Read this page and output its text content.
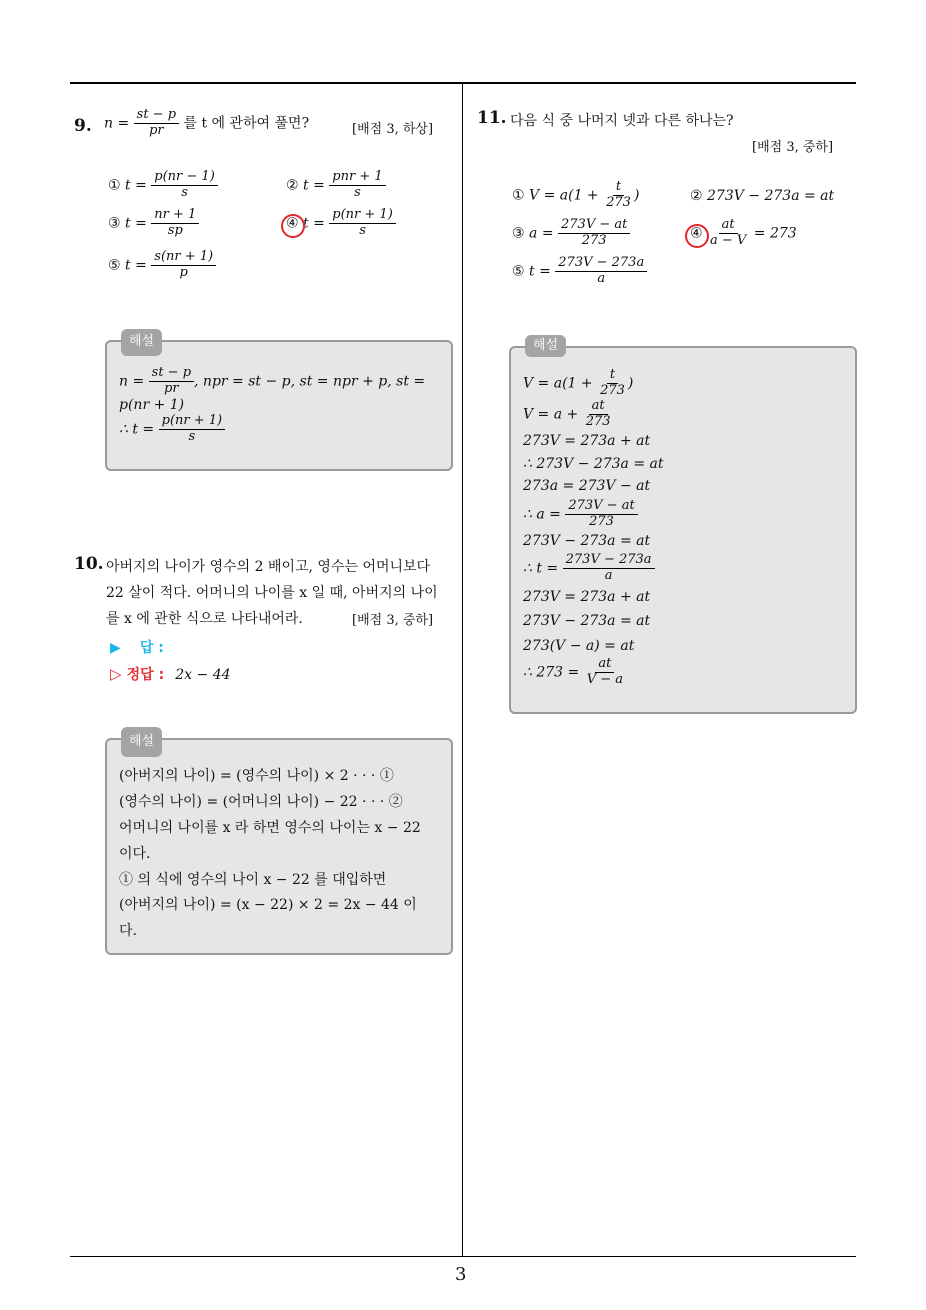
9. $n = \frac{st - p}{pr}$ 를 t 에 관하여 풀면?	[배점 3, 하상]
① $t = \frac{p(nr - 1)}{s}$	② $t = \frac{\text{pnr + 1}}{s}$
③ $t = \frac{nr + 1}{sp}$	④ $t = \frac{p(nr + 1)}{s}$
⑤ $t = \frac{s(nr + 1)}{p}$
해설
$n = \frac{st - p}{pr}$ , npr = st − p, st = npr + p, st =
p(nr + 1)
∴ $t = \frac{p(nr + 1)}{s}$
10. 아버지의 나이가 영수의 2 배이고, 영수는 어머니보다
22 살이 적다. 어머니의 나이를 x 일 때, 아버지의 나이
를 x 에 관한 식으로 나타내어라.	[배점 3, 중하]
▶ 답 :
▷ 정답 : 2x − 44
해설
(아버지의 나이) = (영수의 나이) × 2 · · · ①
(영수의 나이) = (어머니의 나이) − 22 · · · ②
어머니의 나이를 x 라 하면 영수의 나이는 x − 22
이다.
① 의 식에 영수의 나이 x − 22 를 대입하면
(아버지의 나이) = (x − 22) × 2 = 2x − 44 이
다.
11. 다음 식 중 나머지 넷과 다른 하나는?
[배점 3, 중하]
① $V = a(1 + \frac{t}{273}$ )	② 273V − 273a = at
③ $a = \frac{273V - at}{273}$	④ $\frac{at}{a - V} = 273$
⑤ $t = \frac{273V - 273a}{a}$
해설
$V = a(1 + \frac{t}{273}$ )
$V = a + \frac{at}{273}$
273V = 273a + at
∴ 273V − 273a = at
273a = 273V − at
∴ $a = \frac{273V - at}{273}$
273V − 273a = at
∴ $t = \frac{273V - 273a}{a}$
273V = 273a + at
273V − 273a = at
273(V − a) = at
∴ $273 = \frac{at}{V - a}$
3
